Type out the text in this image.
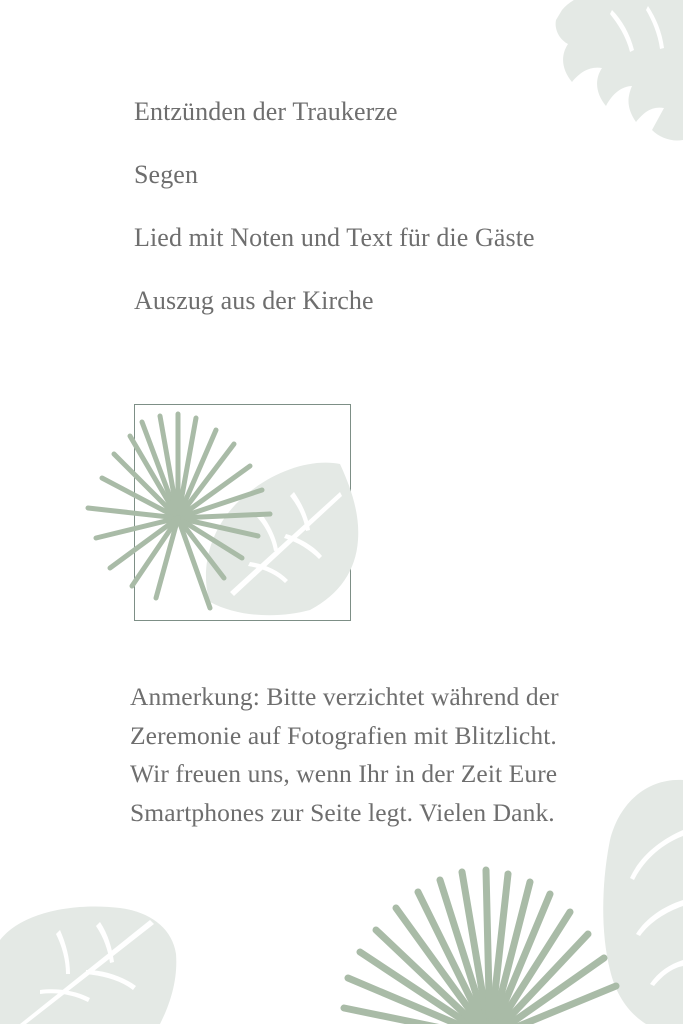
Entzünden der Traukerze
Segen
Lied mit Noten und Text für die Gäste
Auszug aus der Kirche
Anmerkung: Bitte verzichtet während der
Zeremonie auf Fotografien mit Blitzlicht.
Wir freuen uns, wenn Ihr in der Zeit Eure
Smartphones zur Seite legt. Vielen Dank.
